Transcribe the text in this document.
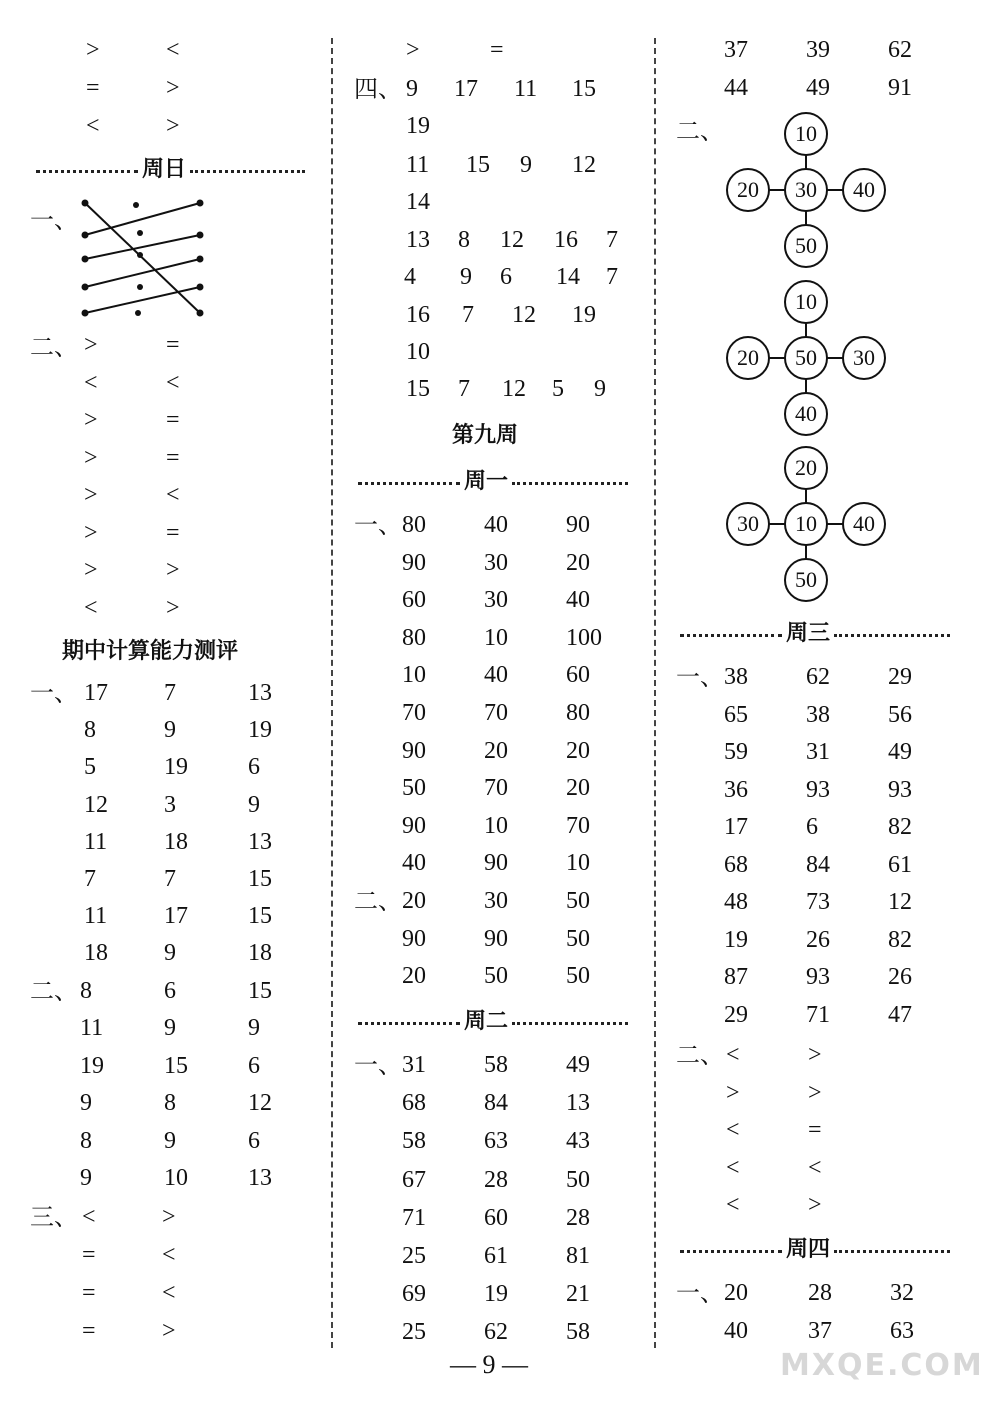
>	<
=	>
<	>
周日
一、
二、 >	=
<	<
>	=
>	=
>	<
>	=
>	>
<	>
期中计算能力测评
一、 17 7	13
8	9	19
5	19	6
12 3	9
11 18	13
7	7	15
11 17	15
18 9	18
二、 8	6	15
11	9	9
19	15	6
9	8	12
8	9	6
9	10	13
三、 <	>
=	<
=	<
=	>
>	=
四、 9 17 11 15
19
11 15 9 12
14
13 8 12 16 7
4 9 6 14 7
16 7 12 19
10
15 7 12 5 9
第九周
周一
一、 80 40 90
90 30 20
60 30 40
80 10 100
10 40 60
70 70 80
90 20 20
50 70 20
90 10 70
40 90 10
二、 20 30 50
90 90 50
20 50 50
周二
一、 31 58 49
68 84 13
58 63 43
67 28 50
71 60 28
25 61 81
69 19 21
25 62 58
37 39 62
44 49 91
二、	10
20	30	40
50
10
20	50	30
40
20
30	10	40
50
周三
一、 38 62 29
65 38 56
59 31 49
36 93 93
17 6	82
68 84 61
48 73 12
19 26 82
87 93 26
29 71 47
二、 <	>
>	>
<	=
<	<
<	>
周四
一、 20	28 32
40	37 63
— 9 —	MXQE.COM
